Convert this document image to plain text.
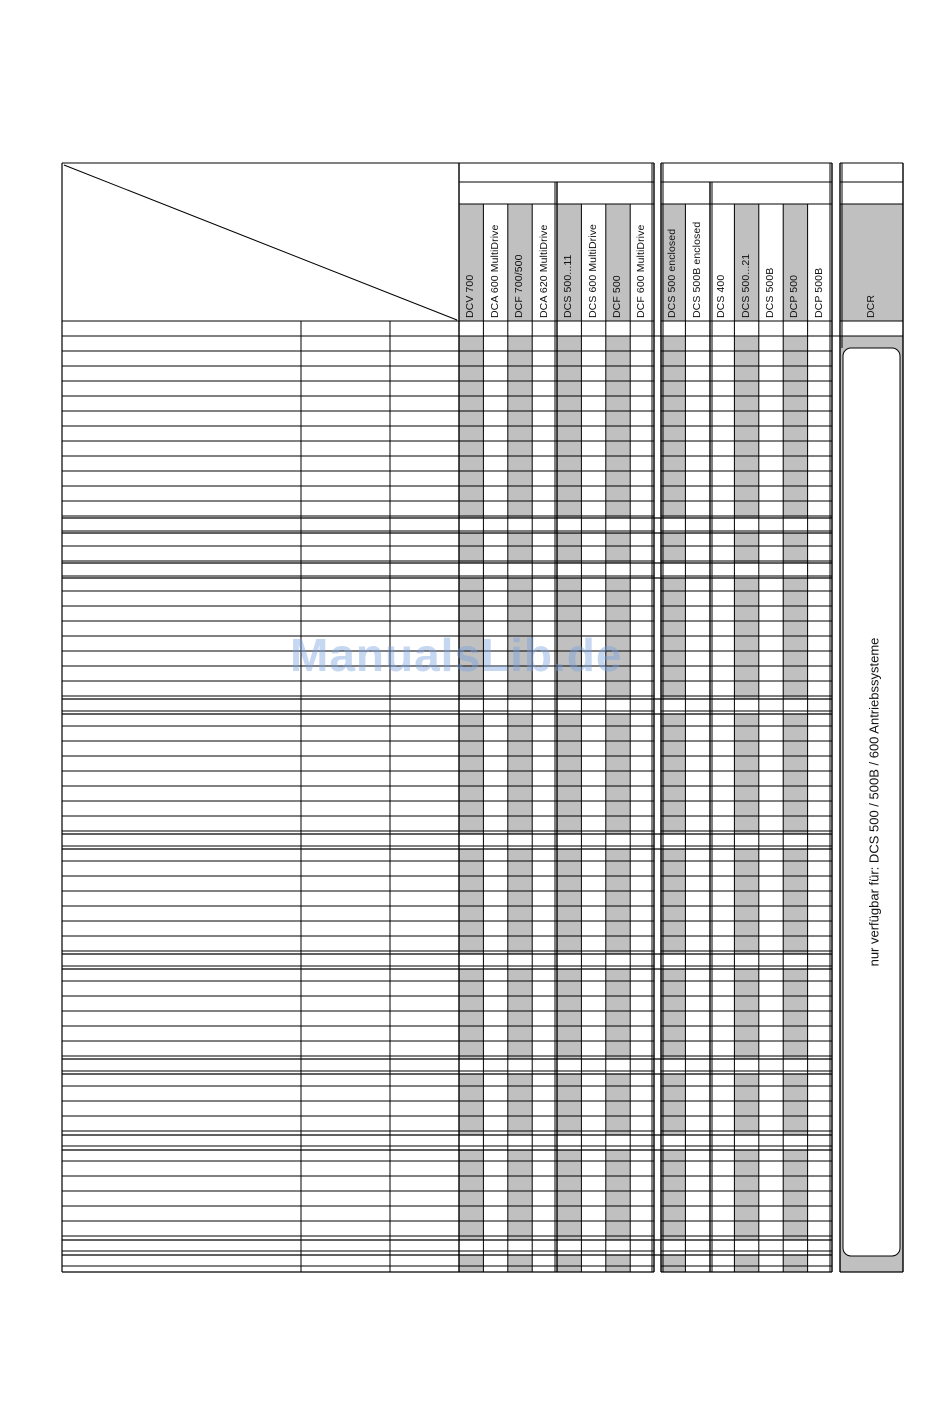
DCV 700 DCA 600 MultiDrive DCF 700/500 DCA 620 MultiDrive DCS 500...11 DCS 600 MultiDrive DCF 500 DCF 600 MultiDrive DCS 500 enclosed DCS 500B enclosed DCS 400 DCS 500...21 DCS 500B DCP 500 DCP 500B	DCR
nur verfügbar für: DCS 500 / 500B / 600 Antriebssysteme
ManualsLib.de
